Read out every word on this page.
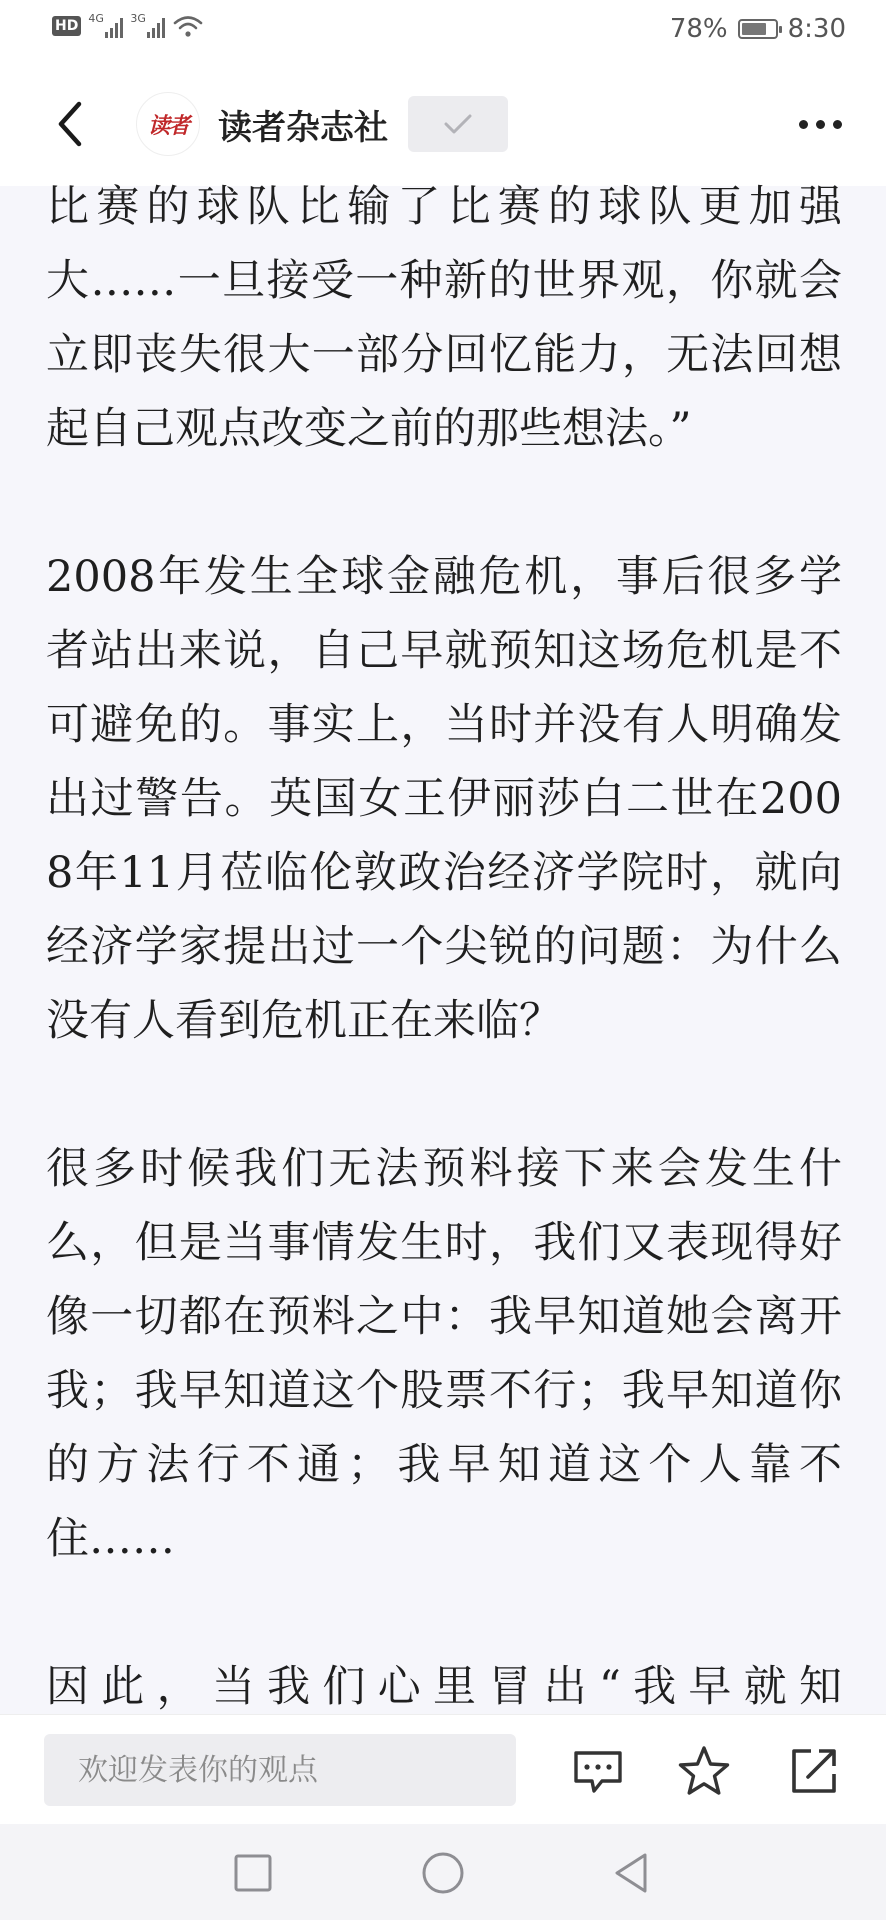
HD 4G 3G	78% 8:30
读者 读者杂志社

比赛的球队比输了比赛的球队更加强大……一旦接受一种新的世界观，你就会立即丧失很大一部分回忆能力，无法回想起自己观点改变之前的那些想法。”

2008年发生全球金融危机，事后很多学者站出来说，自己早就预知这场危机是不可避免的。事实上，当时并没有人明确发出过警告。英国女王伊丽莎白二世在2008年11月莅临伦敦政治经济学院时，就向经济学家提出过一个尖锐的问题：为什么没有人看到危机正在来临？

很多时候我们无法预料接下来会发生什么，但是当事情发生时，我们又表现得好像一切都在预料之中：我早知道她会离开我；我早知道这个股票不行；我早知道你的方法行不通；我早知道这个人靠不住……

因此，当我们心里冒出“我早就知

欢迎发表你的观点
